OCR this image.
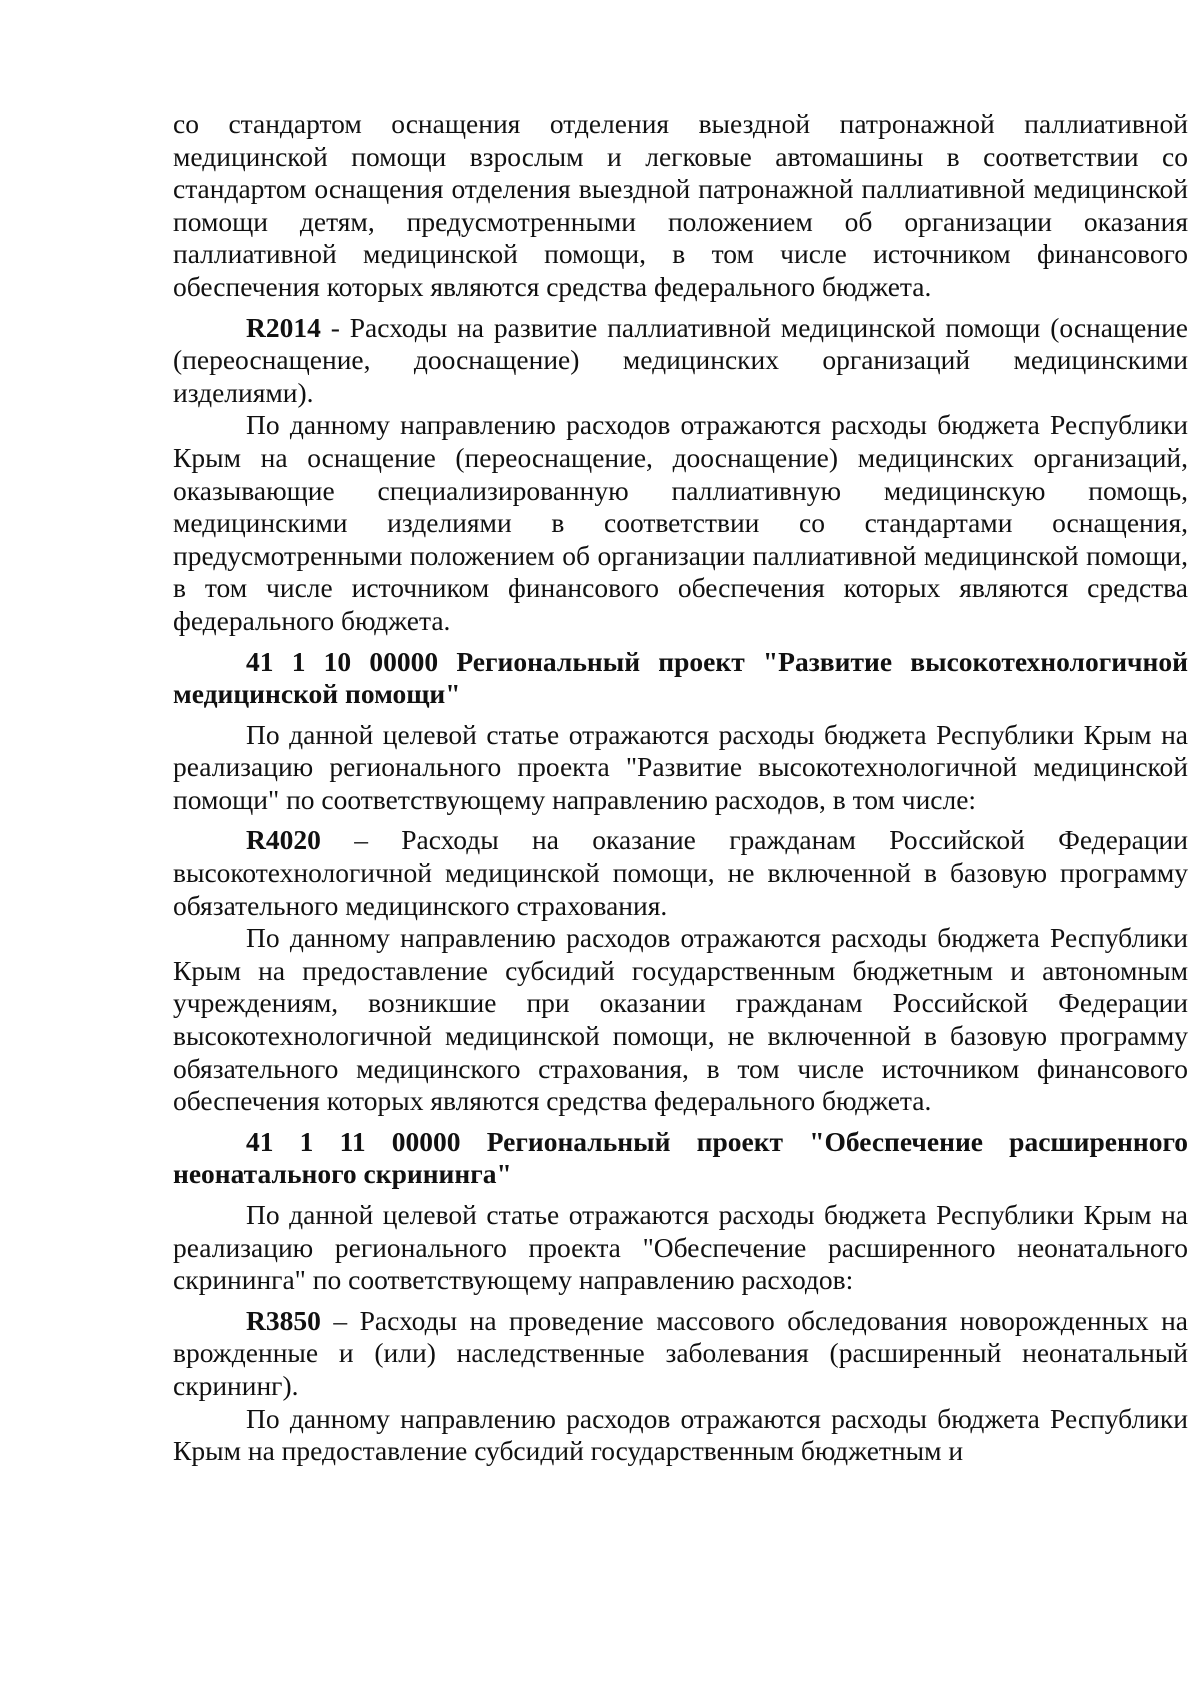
со стандартом оснащения отделения выездной патронажной паллиативной медицинской помощи взрослым и легковые автомашины в соответствии со стандартом оснащения отделения выездной патронажной паллиативной медицинской помощи детям, предусмотренными положением об организации оказания паллиативной медицинской помощи, в том числе источником финансового обеспечения которых являются средства федерального бюджета.

R2014 - Расходы на развитие паллиативной медицинской помощи (оснащение (переоснащение, дооснащение) медицинских организаций медицинскими изделиями).

По данному направлению расходов отражаются расходы бюджета Республики Крым на оснащение (переоснащение, дооснащение) медицинских организаций, оказывающие специализированную паллиативную медицинскую помощь, медицинскими изделиями в соответствии со стандартами оснащения, предусмотренными положением об организации паллиативной медицинской помощи, в том числе источником финансового обеспечения которых являются средства федерального бюджета.

41 1 10 00000 Региональный проект "Развитие высокотехнологичной медицинской помощи"

По данной целевой статье отражаются расходы бюджета Республики Крым на реализацию регионального проекта "Развитие высокотехнологичной медицинской помощи" по соответствующему направлению расходов, в том числе:

R4020 – Расходы на оказание гражданам Российской Федерации высокотехнологичной медицинской помощи, не включенной в базовую программу обязательного медицинского страхования.

По данному направлению расходов отражаются расходы бюджета Республики Крым на предоставление субсидий государственным бюджетным и автономным учреждениям, возникшие при оказании гражданам Российской Федерации высокотехнологичной медицинской помощи, не включенной в базовую программу обязательного медицинского страхования, в том числе источником финансового обеспечения которых являются средства федерального бюджета.

41 1 11 00000 Региональный проект "Обеспечение расширенного неонатального скрининга"

По данной целевой статье отражаются расходы бюджета Республики Крым на реализацию регионального проекта "Обеспечение расширенного неонатального скрининга" по соответствующему направлению расходов:

R3850 – Расходы на проведение массового обследования новорожденных на врожденные и (или) наследственные заболевания (расширенный неонатальный скрининг).

По данному направлению расходов отражаются расходы бюджета Республики Крым на предоставление субсидий государственным бюджетным и
